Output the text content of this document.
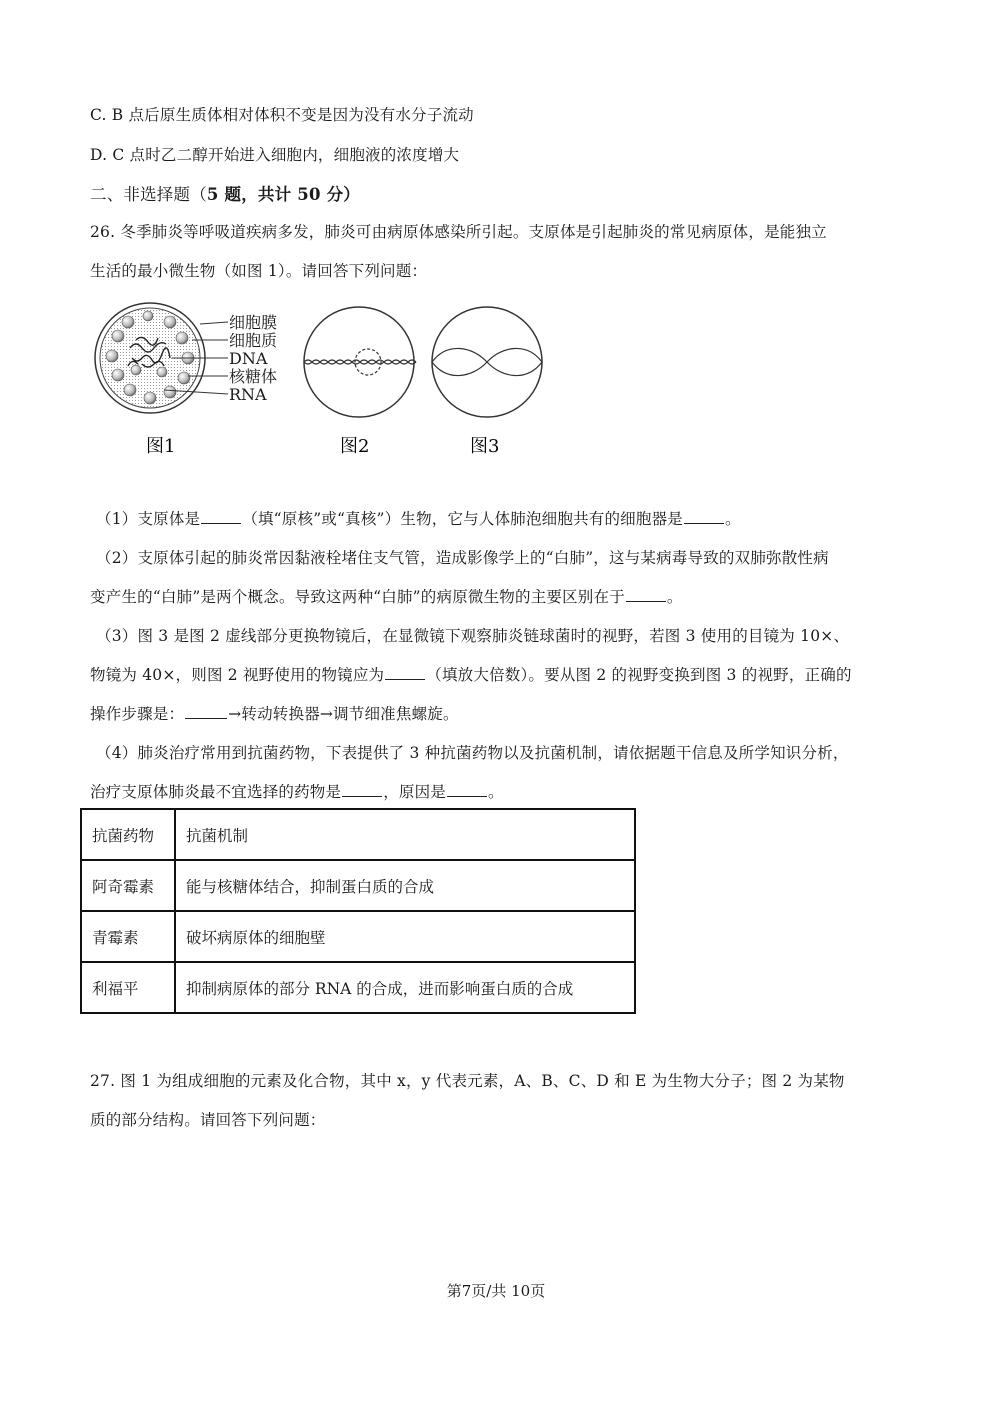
C. B 点后原生质体相对体积不变是因为没有水分子流动
D. C 点时乙二醇开始进入细胞内，细胞液的浓度增大
二、非选择题（5 题，共计 50 分）
26. 冬季肺炎等呼吸道疾病多发，肺炎可由病原体感染所引起。支原体是引起肺炎的常见病原体，是能独立
生活的最小微生物（如图 1）。请回答下列问题：
细胞膜
细胞质
DNA
核糖体
RNA
图1	图2	图3
（1）支原体是	（填“原核”或“真核”）生物，它与人体肺泡细胞共有的细胞器是	。
（2）支原体引起的肺炎常因黏液栓堵住支气管，造成影像学上的“白肺”，这与某病毒导致的双肺弥散性病
变产生的“白肺”是两个概念。导致这两种“白肺”的病原微生物的主要区别在于	。
（3）图 3 是图 2 虚线部分更换物镜后，在显微镜下观察肺炎链球菌时的视野，若图 3 使用的目镜为 10×、
物镜为 40×，则图 2 视野使用的物镜应为	（填放大倍数）。要从图 2 的视野变换到图 3 的视野，正确的
操作步骤是：	→转动转换器→调节细准焦螺旋。
（4）肺炎治疗常用到抗菌药物，下表提供了 3 种抗菌药物以及抗菌机制，请依据题干信息及所学知识分析，
治疗支原体肺炎最不宜选择的药物是	，原因是	。
抗菌药物	抗菌机制
阿奇霉素	能与核糖体结合，抑制蛋白质的合成
青霉素	破坏病原体的细胞壁
利福平	抑制病原体的部分 RNA 的合成，进而影响蛋白质的合成
27. 图 1 为组成细胞的元素及化合物，其中 x，y 代表元素，A、B、C、D 和 E 为生物大分子；图 2 为某物
质的部分结构。请回答下列问题：
第7页/共 10页
